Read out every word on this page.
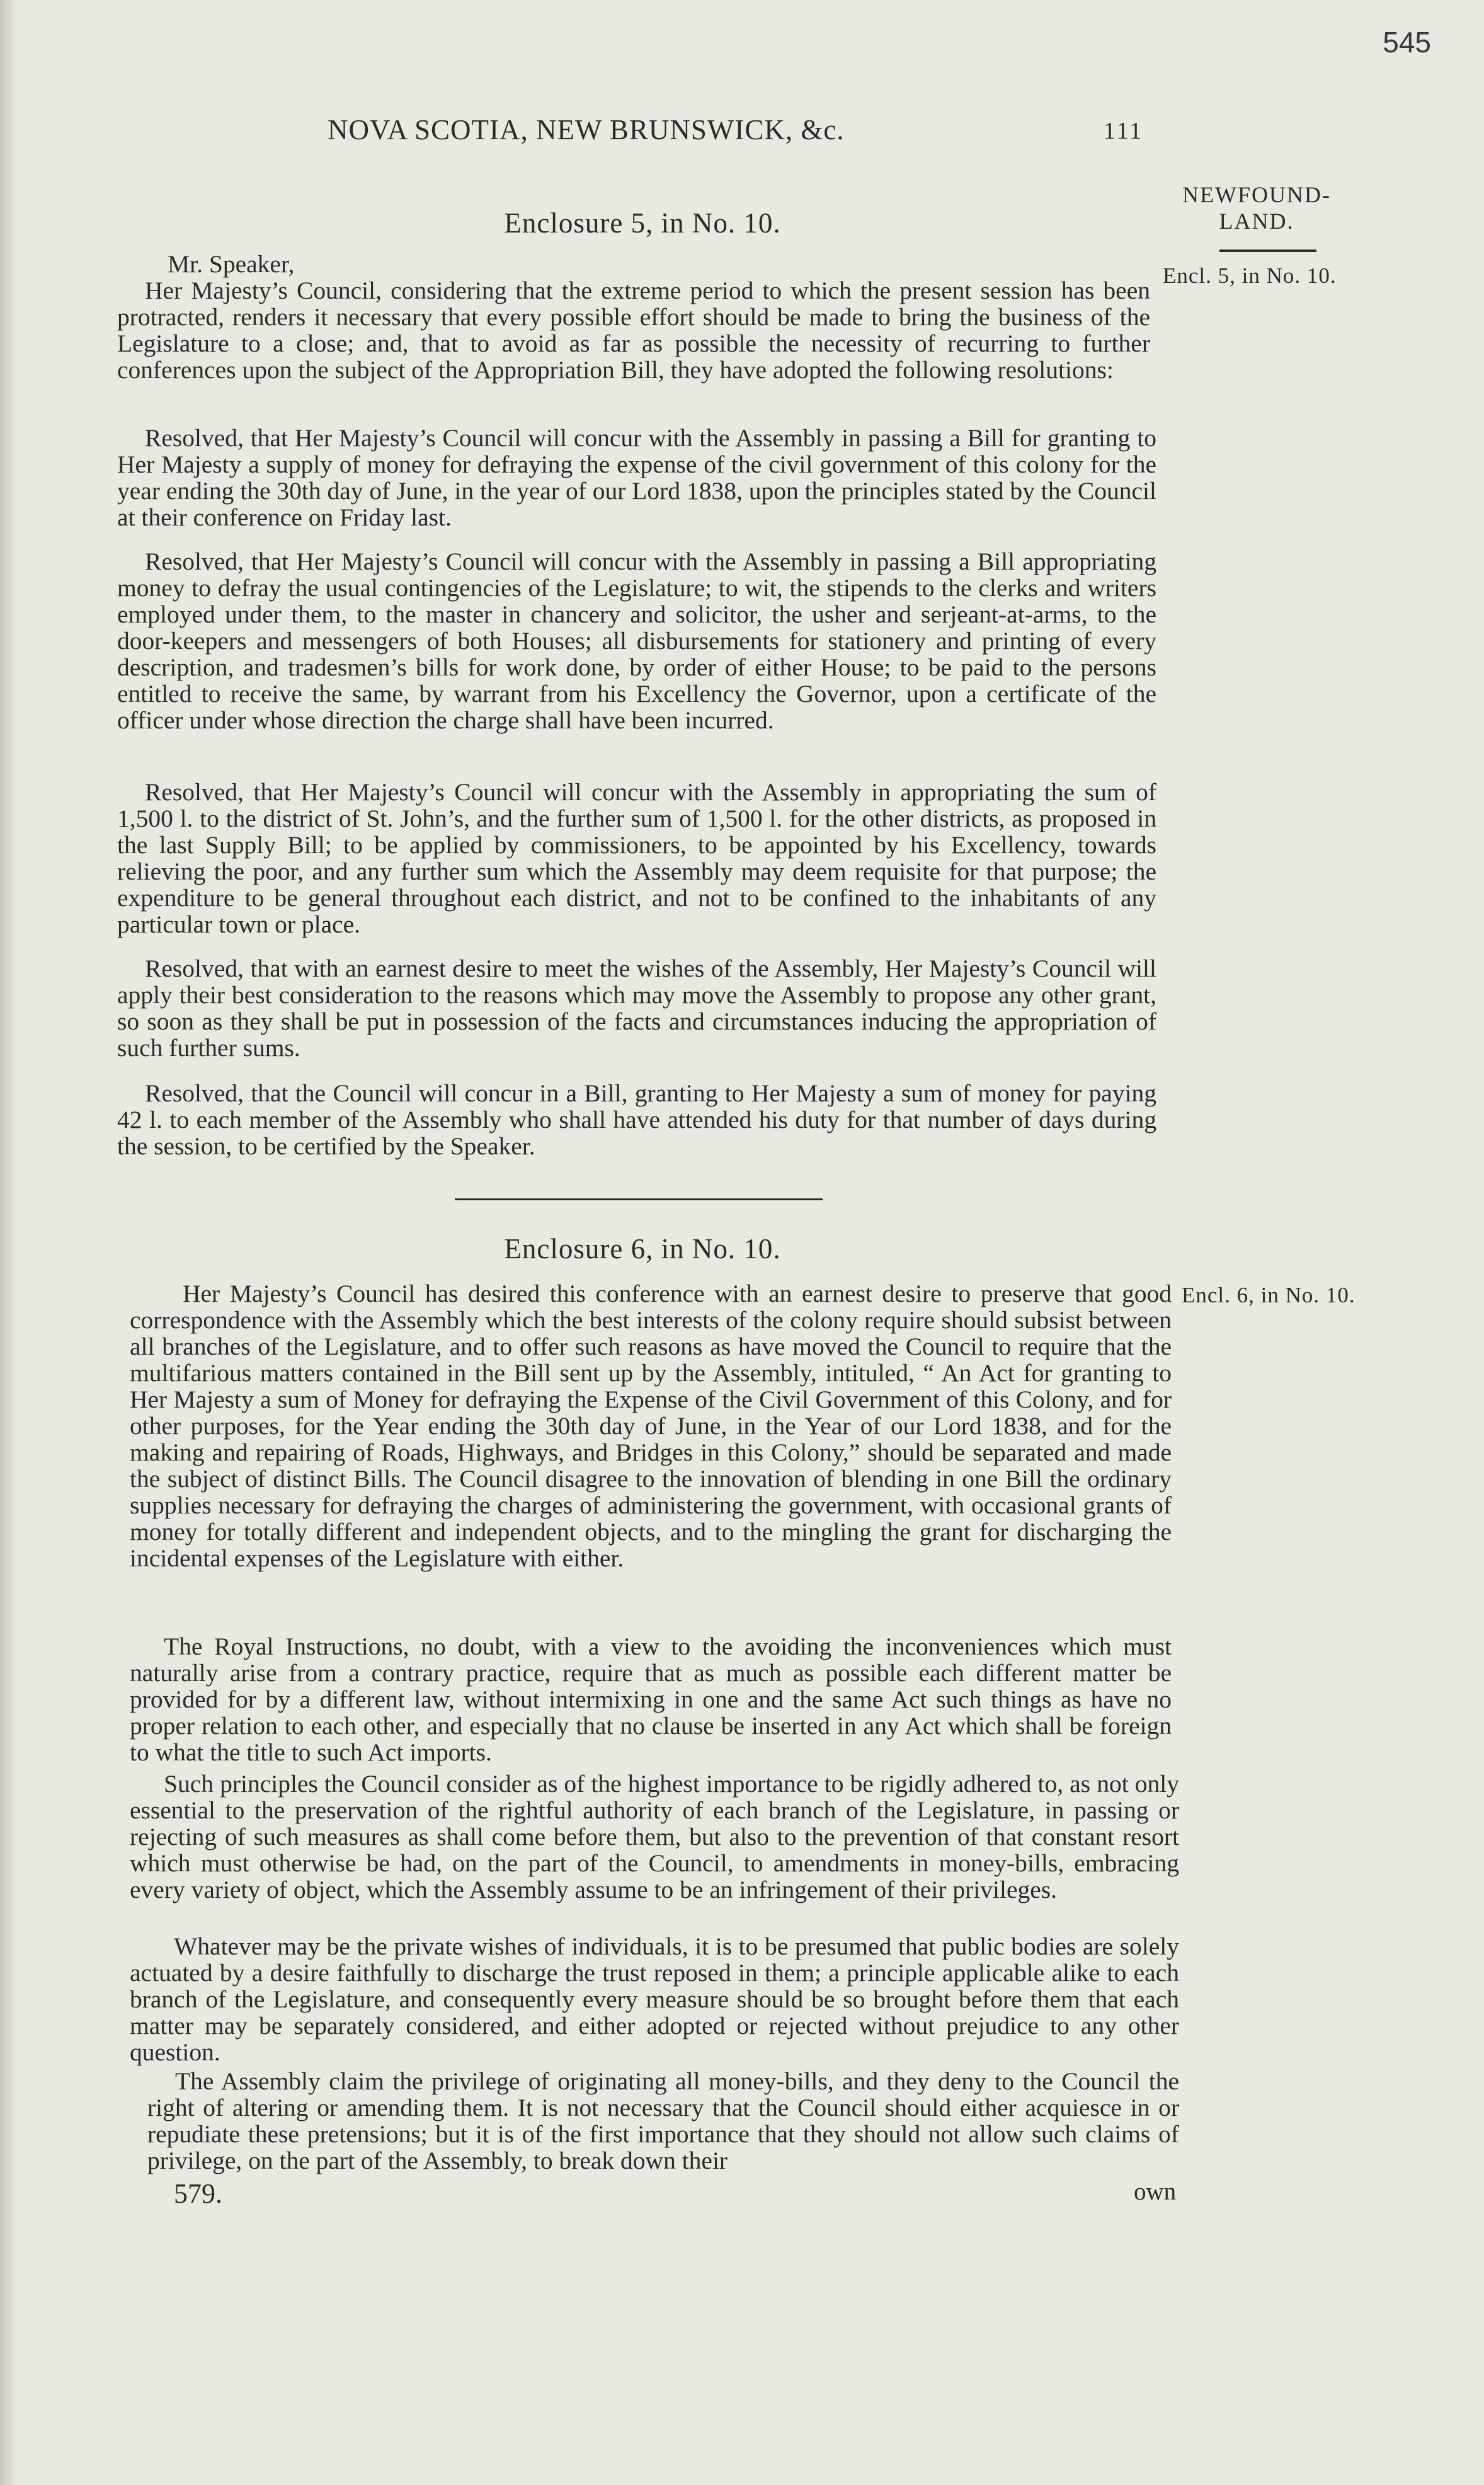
545
NOVA SCOTIA, NEW BRUNSWICK, &c.	111
NEWFOUND-
LAND.
Enclosure 5, in No. 10.
Encl. 5, in No. 10.
Mr. Speaker,

Her Majesty’s Council, considering that the extreme period to which the present session has been protracted, renders it necessary that every possible effort should be made to bring the business of the Legislature to a close; and, that to avoid as far as possible the necessity of recurring to further conferences upon the subject of the Appropriation Bill, they have adopted the following resolutions:

Resolved, that Her Majesty’s Council will concur with the Assembly in passing a Bill for granting to Her Majesty a supply of money for defraying the expense of the civil government of this colony for the year ending the 30th day of June, in the year of our Lord 1838, upon the principles stated by the Council at their conference on Friday last.

Resolved, that Her Majesty’s Council will concur with the Assembly in passing a Bill appropriating money to defray the usual contingencies of the Legislature; to wit, the stipends to the clerks and writers employed under them, to the master in chancery and solicitor, the usher and serjeant-at-arms, to the door-keepers and messengers of both Houses; all disbursements for stationery and printing of every description, and tradesmen’s bills for work done, by order of either House; to be paid to the persons entitled to receive the same, by warrant from his Excellency the Governor, upon a certificate of the officer under whose direction the charge shall have been incurred.

Resolved, that Her Majesty’s Council will concur with the Assembly in appropriating the sum of 1,500 l. to the district of St. John’s, and the further sum of 1,500 l. for the other districts, as proposed in the last Supply Bill; to be applied by commissioners, to be appointed by his Excellency, towards relieving the poor, and any further sum which the Assembly may deem requisite for that purpose; the expenditure to be general throughout each district, and not to be confined to the inhabitants of any particular town or place.

Resolved, that with an earnest desire to meet the wishes of the Assembly, Her Majesty’s Council will apply their best consideration to the reasons which may move the Assembly to propose any other grant, so soon as they shall be put in possession of the facts and circumstances inducing the appropriation of such further sums.

Resolved, that the Council will concur in a Bill, granting to Her Majesty a sum of money for paying 42 l. to each member of the Assembly who shall have attended his duty for that number of days during the session, to be certified by the Speaker.

Enclosure 6, in No. 10.
Encl. 6, in No. 10.

Her Majesty’s Council has desired this conference with an earnest desire to preserve that good correspondence with the Assembly which the best interests of the colony require should subsist between all branches of the Legislature, and to offer such reasons as have moved the Council to require that the multifarious matters contained in the Bill sent up by the Assembly, intituled, “ An Act for granting to Her Majesty a sum of Money for defraying the Expense of the Civil Government of this Colony, and for other purposes, for the Year ending the 30th day of June, in the Year of our Lord 1838, and for the making and repairing of Roads, Highways, and Bridges in this Colony,” should be separated and made the subject of distinct Bills. The Council disagree to the innovation of blending in one Bill the ordinary supplies necessary for defraying the charges of administering the government, with occasional grants of money for totally different and independent objects, and to the mingling the grant for discharging the incidental expenses of the Legislature with either.

The Royal Instructions, no doubt, with a view to the avoiding the inconveniences which must naturally arise from a contrary practice, require that as much as possible each different matter be provided for by a different law, without intermixing in one and the same Act such things as have no proper relation to each other, and especially that no clause be inserted in any Act which shall be foreign to what the title to such Act imports.

Such principles the Council consider as of the highest importance to be rigidly adhered to, as not only essential to the preservation of the rightful authority of each branch of the Legislature, in passing or rejecting of such measures as shall come before them, but also to the prevention of that constant resort which must otherwise be had, on the part of the Council, to amendments in money-bills, embracing every variety of object, which the Assembly assume to be an infringement of their privileges.

Whatever may be the private wishes of individuals, it is to be presumed that public bodies are solely actuated by a desire faithfully to discharge the trust reposed in them; a principle applicable alike to each branch of the Legislature, and consequently every measure should be so brought before them that each matter may be separately considered, and either adopted or rejected without prejudice to any other question.

The Assembly claim the privilege of originating all money-bills, and they deny to the Council the right of altering or amending them. It is not necessary that the Council should either acquiesce in or repudiate these pretensions; but it is of the first importance that they should not allow such claims of privilege, on the part of the Assembly, to break down their

579.	own
